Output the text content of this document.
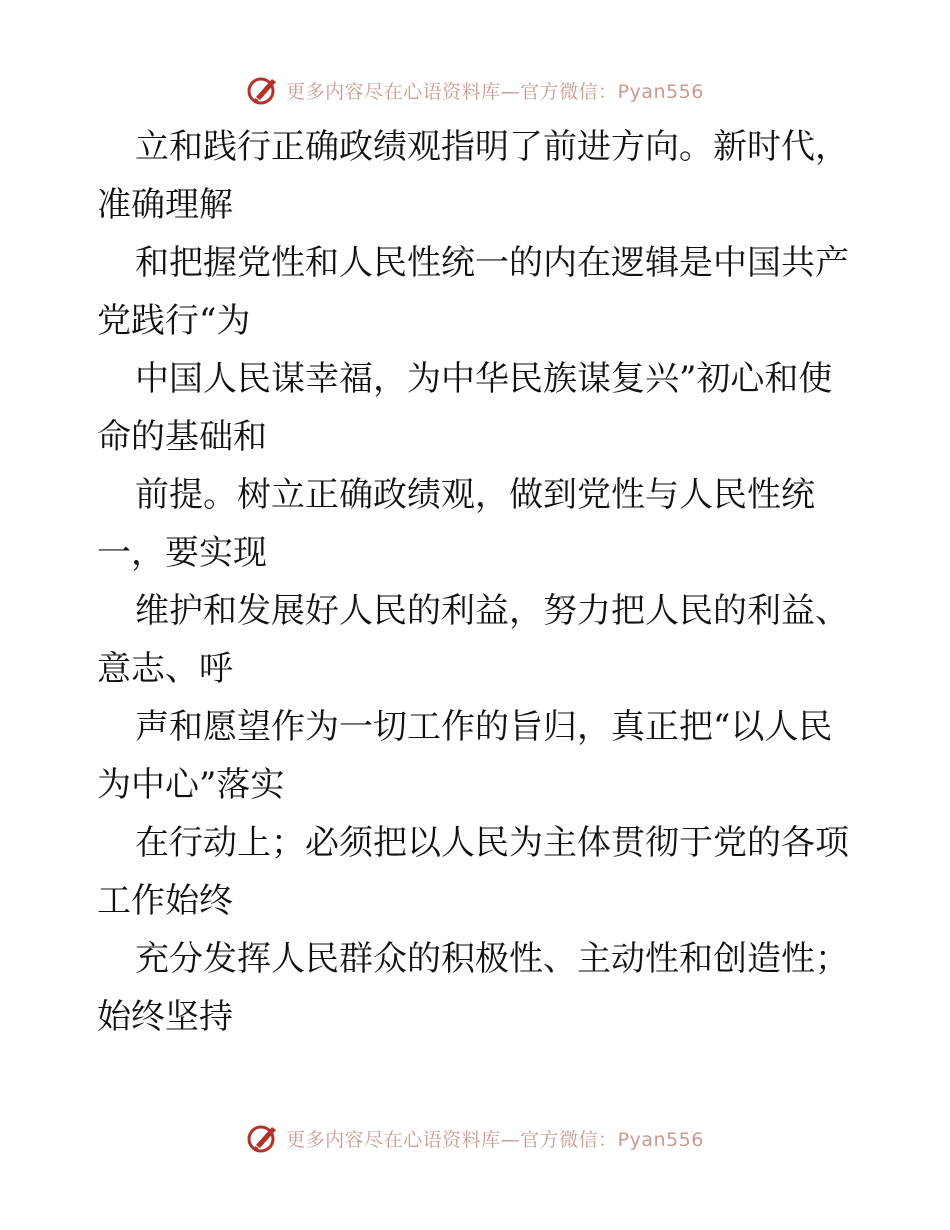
更多内容尽在心语资料库—官方微信：Pyan556
立和践行正确政绩观指明了前进方向。新时代，
准确理解
和把握党性和人民性统一的内在逻辑是中国共产
党践行“为
中国人民谋幸福，为中华民族谋复兴”初心和使
命的基础和
前提。树立正确政绩观，做到党性与人民性统
一，要实现
维护和发展好人民的利益，努力把人民的利益、
意志、呼
声和愿望作为一切工作的旨归，真正把“以人民
为中心”落实
在行动上；必须把以人民为主体贯彻于党的各项
工作始终
充分发挥人民群众的积极性、主动性和创造性；
始终坚持
更多内容尽在心语资料库—官方微信：Pyan556
